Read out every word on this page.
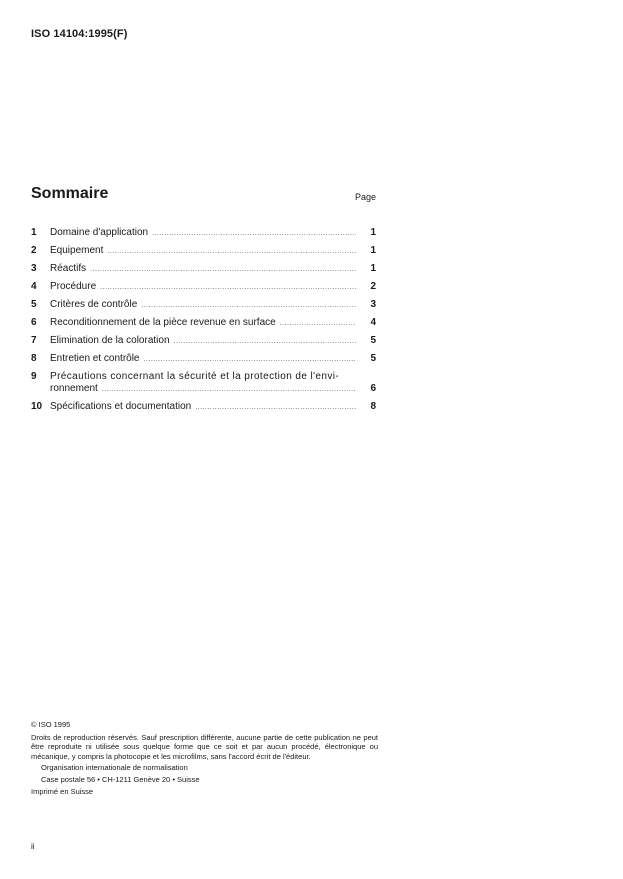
ISO 14104:1995(F)
Sommaire	Page
1 Domaine d'application .....	1
2 Équipement .....	1
3 Réactifs .....	1
4 Procédure .....	2
5 Critères de contrôle .....	3
6 Reconditionnement de la pièce revenue en surface .....	4
7 Élimination de la coloration .....	5
8 Entretien et contrôle .....	5
9 Précautions concernant la sécurité et la protection de l'envi-
ronnement .....	6
10 Spécifications et documentation .....	8
© ISO 1995
Droits de reproduction réservés. Sauf prescription différente, aucune partie de cette publication ne peut être reproduite ni utilisée sous quelque forme que ce soit et par aucun procédé, électronique ou mécanique, y compris la photocopie et les microfilms, sans l'accord écrit de l'éditeur.
Organisation internationale de normalisation
Case postale 56 • CH-1211 Genève 20 • Suisse
Imprimé en Suisse
ii
